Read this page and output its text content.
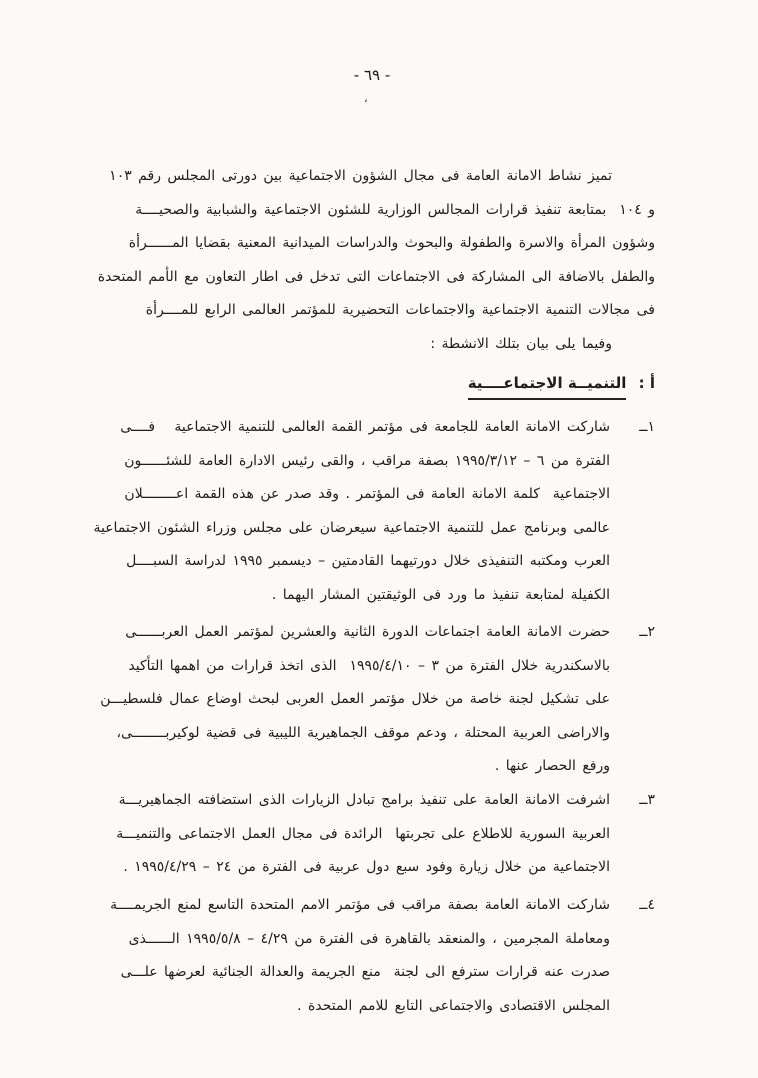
- ٦٩ -
،
تميز نشاط الامانة العامة فى مجال الشؤون الاجتماعية بين دورتى المجلس رقم ١٠٣
و ١٠٤  بمتابعة تنفيذ قرارات المجالس الوزارية للشئون الاجتماعية والشبابية والصحيــــة
وشؤون المرأة والاسرة والطفولة والبحوث والدراسات الميدانية المعنية بقضايا المــــــرأة
والطفل بالاضافة الى المشاركة فى الاجتماعات التى تدخل فى اطار التعاون مع الأمم المتحدة
فى مجالات التنمية الاجتماعية والاجتماعات التحضيرية للمؤتمر العالمى الرابع للمــــرأة
وفيما يلى بيان بتلك الانشطة :
أ : التنميــة الاجتماعــــية
١ــ
شاركت الامانة العامة للجامعة فى مؤتمر القمة العالمى للتنمية الاجتماعية   فــــى
الفترة من ٦ – ١٩٩٥/٣/١٢ بصفة مراقب ، والقى رئيس الادارة العامة للشئــــــون
الاجتماعية  كلمة الامانة العامة فى المؤتمر . وقد صدر عن هذه القمة اعــــــــلان
عالمى وبرنامج عمل للتنمية الاجتماعية سيعرضان على مجلس وزراء الشئون الاجتماعية
العرب ومكتبه التنفيذى خلال دورتيهما القادمتين – ديسمبر ١٩٩٥ لدراسة السبــــل
الكفيلة لمتابعة تنفيذ ما ورد فى الوثيقتين المشار اليهما .
٢ــ
حضرت الامانة العامة اجتماعات الدورة الثانية والعشرين لمؤتمر العمل العربــــــى
بالاسكندرية خلال الفترة من ٣ – ١٩٩٥/٤/١٠  الذى اتخذ قرارات من اهمها التأكيد
على تشكيل لجنة خاصة من خلال مؤتمر العمل العربى لبحث اوضاع عمال فلسطيـــن
والاراضى العربية المحتلة ، ودعم موقف الجماهيرية الليبية فى قضية لوكيربــــــــى،
ورفع الحصار عنها .
٣ــ
اشرفت الامانة العامة على تنفيذ برامج تبادل الزيارات الذى استضافته الجماهيريـــة
العربية السورية للاطلاع على تجربتها  الرائدة فى مجال العمل الاجتماعى والتنميـــة
الاجتماعية من خلال زيارة وفود سبع دول عربية فى الفترة من ٢٤ – ١٩٩٥/٤/٢٩ .
٤ــ
شاركت الامانة العامة بصفة مراقب فى مؤتمر الامم المتحدة التاسع لمنع الجريمــــة
ومعاملة المجرمين ، والمنعقد بالقاهرة فى الفترة من ٤/٢٩ – ١٩٩٥/٥/٨ الــــــذى
صدرت عنه قرارات سترفع الى لجنة  منع الجريمة والعدالة الجنائية لعرضها علـــى
المجلس الاقتصادى والاجتماعى التابع للامم المتحدة .
